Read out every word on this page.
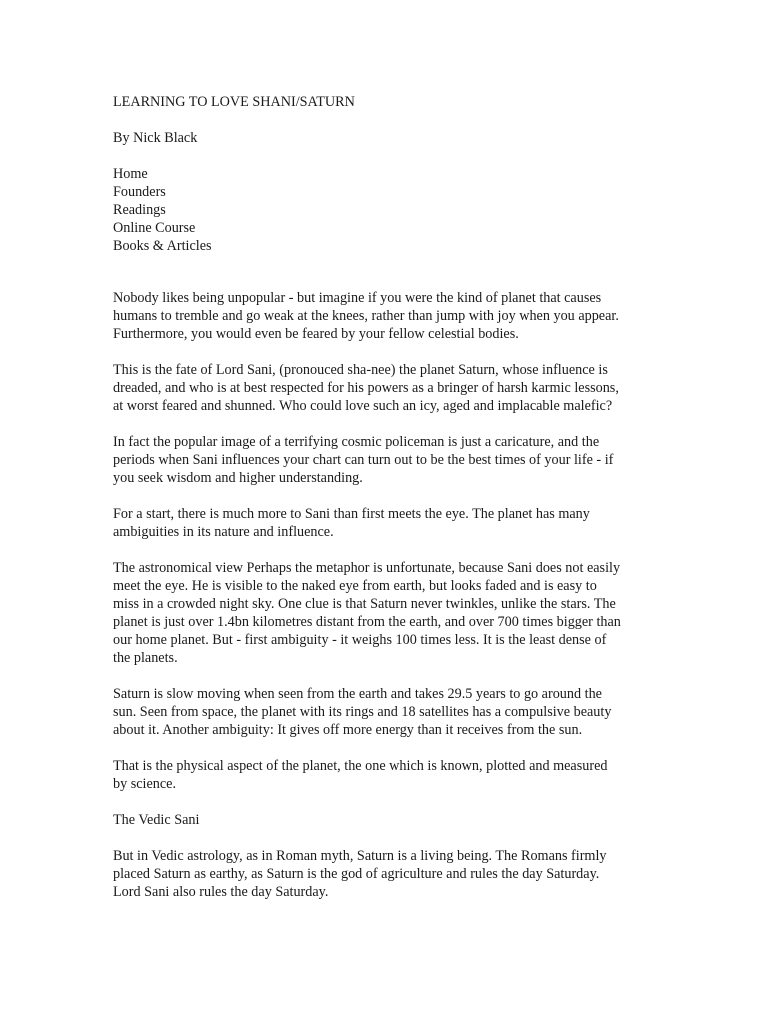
LEARNING TO LOVE SHANI/SATURN
By Nick Black
Home
Founders
Readings
Online Course
Books & Articles

Nobody likes being unpopular - but imagine if you were the kind of planet that causes
humans to tremble and go weak at the knees, rather than jump with joy when you appear.
Furthermore, you would even be feared by your fellow celestial bodies.

This is the fate of Lord Sani, (pronouced sha-nee) the planet Saturn, whose influence is
dreaded, and who is at best respected for his powers as a bringer of harsh karmic lessons,
at worst feared and shunned. Who could love such an icy, aged and implacable malefic?

In fact the popular image of a terrifying cosmic policeman is just a caricature, and the
periods when Sani influences your chart can turn out to be the best times of your life - if
you seek wisdom and higher understanding.

For a start, there is much more to Sani than first meets the eye. The planet has many
ambiguities in its nature and influence.

The astronomical view Perhaps the metaphor is unfortunate, because Sani does not easily
meet the eye. He is visible to the naked eye from earth, but looks faded and is easy to
miss in a crowded night sky. One clue is that Saturn never twinkles, unlike the stars. The
planet is just over 1.4bn kilometres distant from the earth, and over 700 times bigger than
our home planet. But - first ambiguity - it weighs 100 times less. It is the least dense of
the planets.

Saturn is slow moving when seen from the earth and takes 29.5 years to go around the
sun. Seen from space, the planet with its rings and 18 satellites has a compulsive beauty
about it. Another ambiguity: It gives off more energy than it receives from the sun.

That is the physical aspect of the planet, the one which is known, plotted and measured
by science.

The Vedic Sani

But in Vedic astrology, as in Roman myth, Saturn is a living being. The Romans firmly
placed Saturn as earthy, as Saturn is the god of agriculture and rules the day Saturday.
Lord Sani also rules the day Saturday.
